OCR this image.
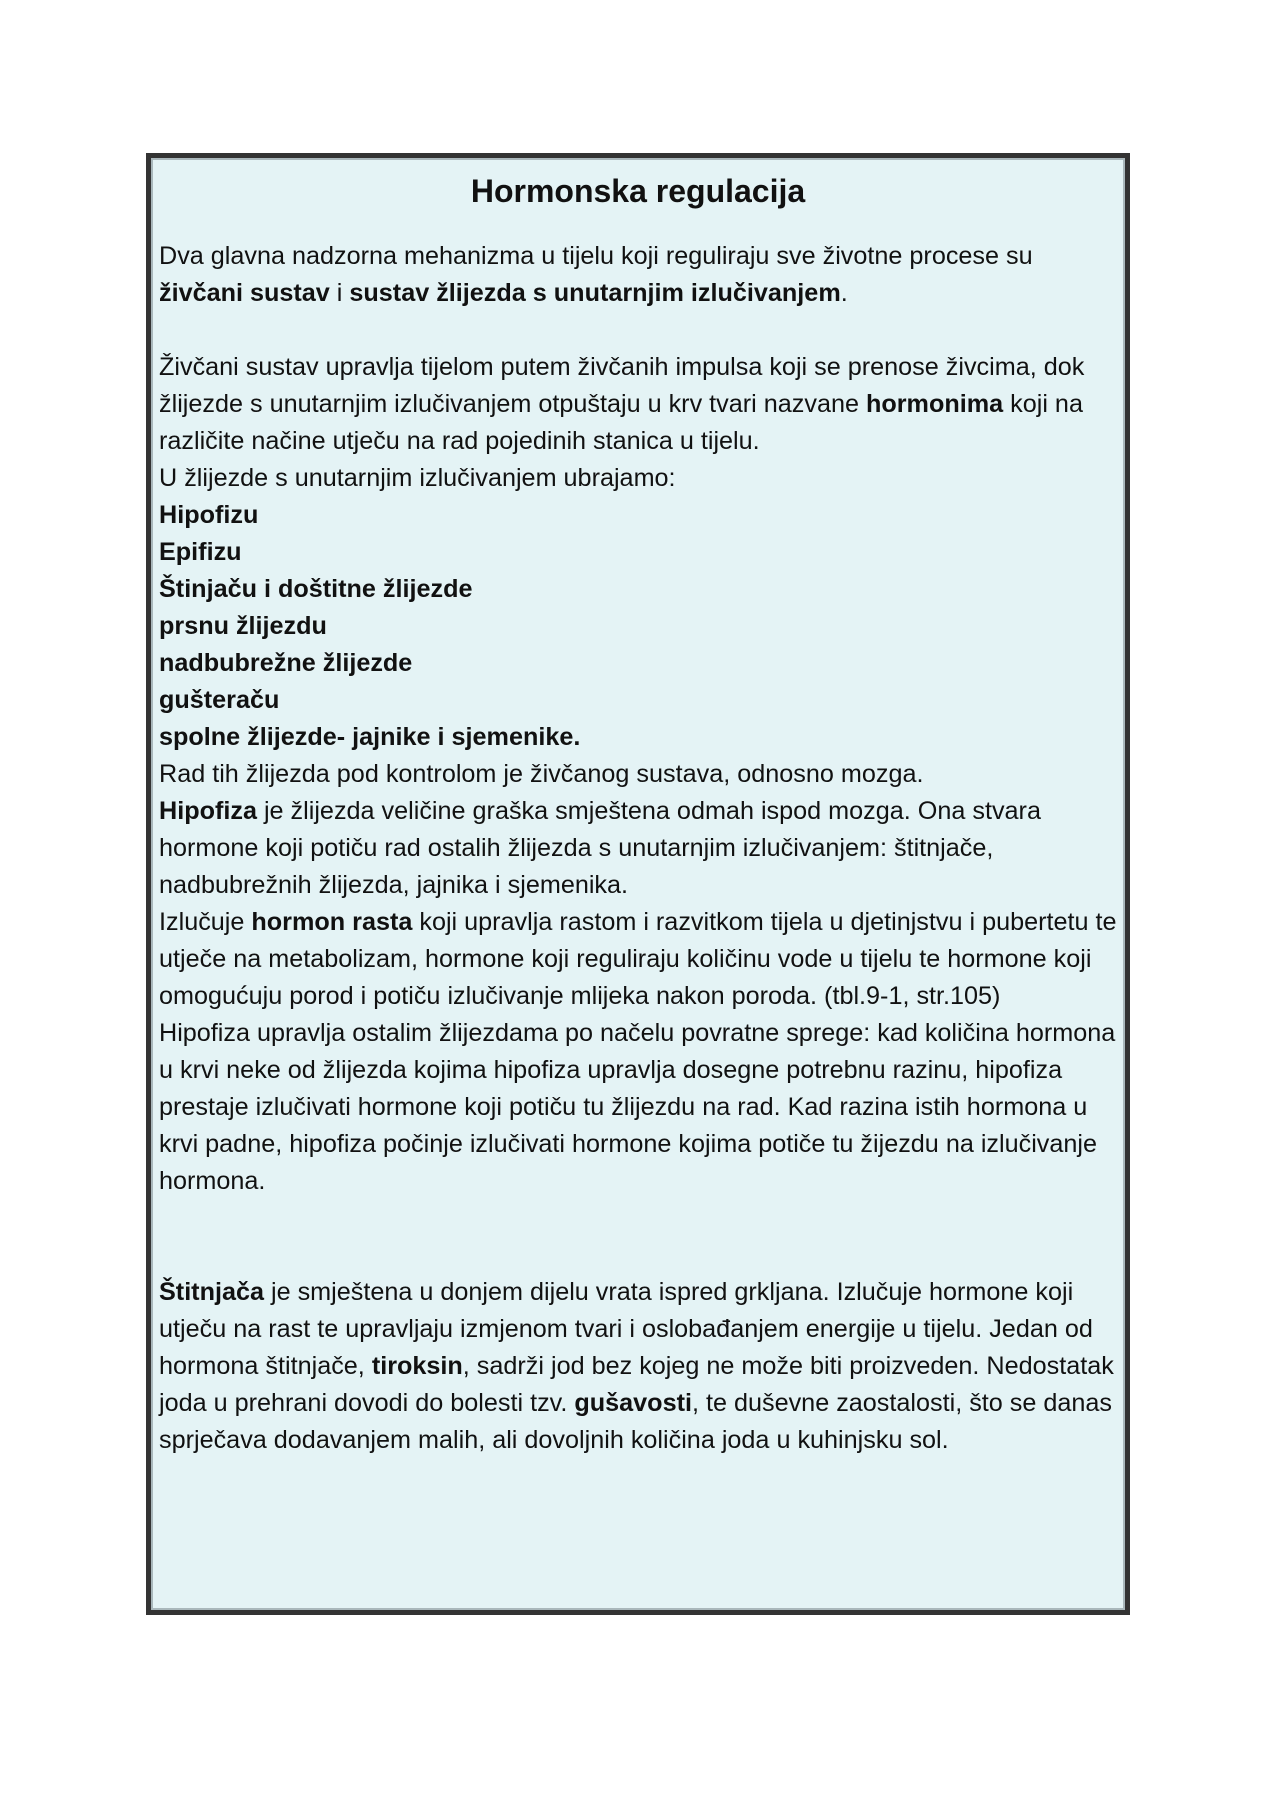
Hormonska regulacija

Dva glavna nadzorna mehanizma u tijelu koji reguliraju sve životne procese su živčani sustav i sustav žlijezda s unutarnjim izlučivanjem.

Živčani sustav upravlja tijelom putem živčanih impulsa koji se prenose živcima, dok žlijezde s unutarnjim izlučivanjem otpuštaju u krv tvari nazvane hormonima koji na različite načine utječu na rad pojedinih stanica u tijelu.

U žlijezde s unutarnjim izlučivanjem ubrajamo:

Hipofizu
Epifizu
Štinjaču i doštitne žlijezde
prsnu žlijezdu
nadbubrežne žlijezde
gušteraču
spolne žlijezde- jajnike i sjemenike.

Rad tih žlijezda pod kontrolom je živčanog sustava, odnosno mozga.

Hipofiza je žlijezda veličine graška smještena odmah ispod mozga. Ona stvara hormone koji potiču rad ostalih žlijezda s unutarnjim izlučivanjem: štitnjače, nadbubrežnih žlijezda, jajnika i sjemenika.

Izlučuje hormon rasta koji upravlja rastom i razvitkom tijela u djetinjstvu i pubertetu te utječe na metabolizam, hormone koji reguliraju količinu vode u tijelu te hormone koji omogućuju porod i potiču izlučivanje mlijeka nakon poroda. (tbl.9-1, str.105)

Hipofiza upravlja ostalim žlijezdama po načelu povratne sprege: kad količina hormona u krvi neke od žlijezda kojima hipofiza upravlja dosegne potrebnu razinu, hipofiza prestaje izlučivati hormone koji potiču tu žlijezdu na rad. Kad razina istih hormona u krvi padne, hipofiza počinje izlučivati hormone kojima potiče tu žijezdu na izlučivanje hormona.

Štitnjača je smještena u donjem dijelu vrata ispred grkljana. Izlučuje hormone koji utječu na rast te upravljaju izmjenom tvari i oslobađanjem energije u tijelu. Jedan od hormona štitnjače, tiroksin, sadrži jod bez kojeg ne može biti proizveden. Nedostatak joda u prehrani dovodi do bolesti tzv. gušavosti, te duševne zaostalosti, što se danas sprječava dodavanjem malih, ali dovoljnih količina joda u kuhinjsku sol.
